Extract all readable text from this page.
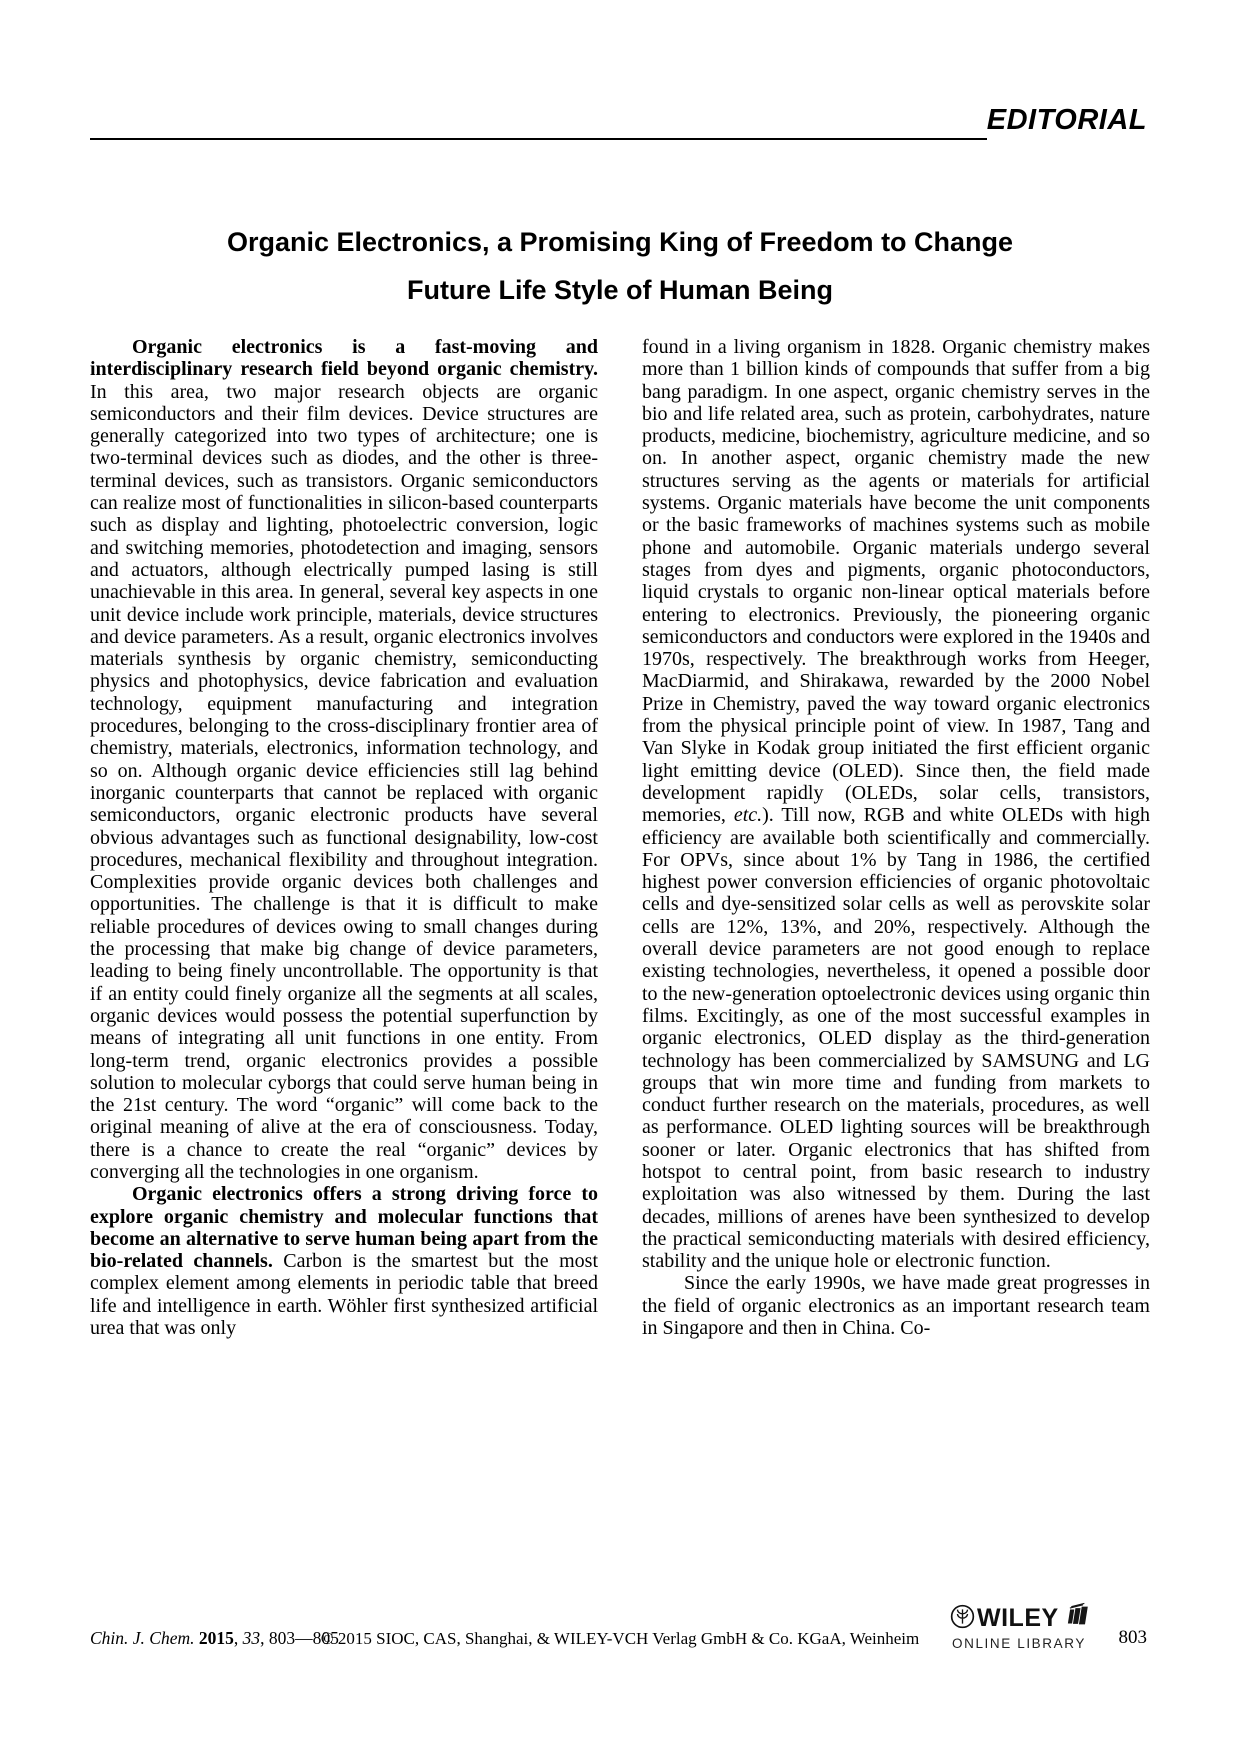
EDITORIAL
Organic Electronics, a Promising King of Freedom to Change
Future Life Style of Human Being

Organic electronics is a fast-moving and interdisciplinary research field beyond organic chemistry. In this area, two major research objects are organic semiconductors and their film devices. Device structures are generally categorized into two types of architecture; one is two-terminal devices such as diodes, and the other is three-terminal devices, such as transistors. Organic semiconductors can realize most of functionalities in silicon-based counterparts such as display and lighting, photoelectric conversion, logic and switching memories, photodetection and imaging, sensors and actuators, although electrically pumped lasing is still unachievable in this area. In general, several key aspects in one unit device include work principle, materials, device structures and device parameters. As a result, organic electronics involves materials synthesis by organic chemistry, semiconducting physics and photophysics, device fabrication and evaluation technology, equipment manufacturing and integration procedures, belonging to the cross-disciplinary frontier area of chemistry, materials, electronics, information technology, and so on. Although organic device efficiencies still lag behind inorganic counterparts that cannot be replaced with organic semiconductors, organic electronic products have several obvious advantages such as functional designability, low-cost procedures, mechanical flexibility and throughout integration. Complexities provide organic devices both challenges and opportunities. The challenge is that it is difficult to make reliable procedures of devices owing to small changes during the processing that make big change of device parameters, leading to being finely uncontrollable. The opportunity is that if an entity could finely organize all the segments at all scales, organic devices would possess the potential superfunction by means of integrating all unit functions in one entity. From long-term trend, organic electronics provides a possible solution to molecular cyborgs that could serve human being in the 21st century. The word “organic” will come back to the original meaning of alive at the era of consciousness. Today, there is a chance to create the real “organic” devices by converging all the technologies in one organism.

Organic electronics offers a strong driving force to explore organic chemistry and molecular functions that become an alternative to serve human being apart from the bio-related channels. Carbon is the smartest but the most complex element among elements in periodic table that breed life and intelligence in earth. Wöhler first synthesized artificial urea that was only

found in a living organism in 1828. Organic chemistry makes more than 1 billion kinds of compounds that suffer from a big bang paradigm. In one aspect, organic chemistry serves in the bio and life related area, such as protein, carbohydrates, nature products, medicine, biochemistry, agriculture medicine, and so on. In another aspect, organic chemistry made the new structures serving as the agents or materials for artificial systems. Organic materials have become the unit components or the basic frameworks of machines systems such as mobile phone and automobile. Organic materials undergo several stages from dyes and pigments, organic photoconductors, liquid crystals to organic non-linear optical materials before entering to electronics. Previously, the pioneering organic semiconductors and conductors were explored in the 1940s and 1970s, respectively. The breakthrough works from Heeger, MacDiarmid, and Shirakawa, rewarded by the 2000 Nobel Prize in Chemistry, paved the way toward organic electronics from the physical principle point of view. In 1987, Tang and Van Slyke in Kodak group initiated the first efficient organic light emitting device (OLED). Since then, the field made development rapidly (OLEDs, solar cells, transistors, memories, etc.). Till now, RGB and white OLEDs with high efficiency are available both scientifically and commercially. For OPVs, since about 1% by Tang in 1986, the certified highest power conversion efficiencies of organic photovoltaic cells and dye-sensitized solar cells as well as perovskite solar cells are 12%, 13%, and 20%, respectively. Although the overall device parameters are not good enough to replace existing technologies, nevertheless, it opened a possible door to the new-generation optoelectronic devices using organic thin films. Excitingly, as one of the most successful examples in organic electronics, OLED display as the third-generation technology has been commercialized by SAMSUNG and LG groups that win more time and funding from markets to conduct further research on the materials, procedures, as well as performance. OLED lighting sources will be breakthrough sooner or later. Organic electronics that has shifted from hotspot to central point, from basic research to industry exploitation was also witnessed by them. During the last decades, millions of arenes have been synthesized to develop the practical semiconducting materials with desired efficiency, stability and the unique hole or electronic function.

Since the early 1990s, we have made great progresses in the field of organic electronics as an important research team in Singapore and then in China. Co-

Chin. J. Chem. 2015, 33, 803—805
© 2015 SIOC, CAS, Shanghai, & WILEY-VCH Verlag GmbH & Co. KGaA, Weinheim
WILEY
ONLINE LIBRARY	803
